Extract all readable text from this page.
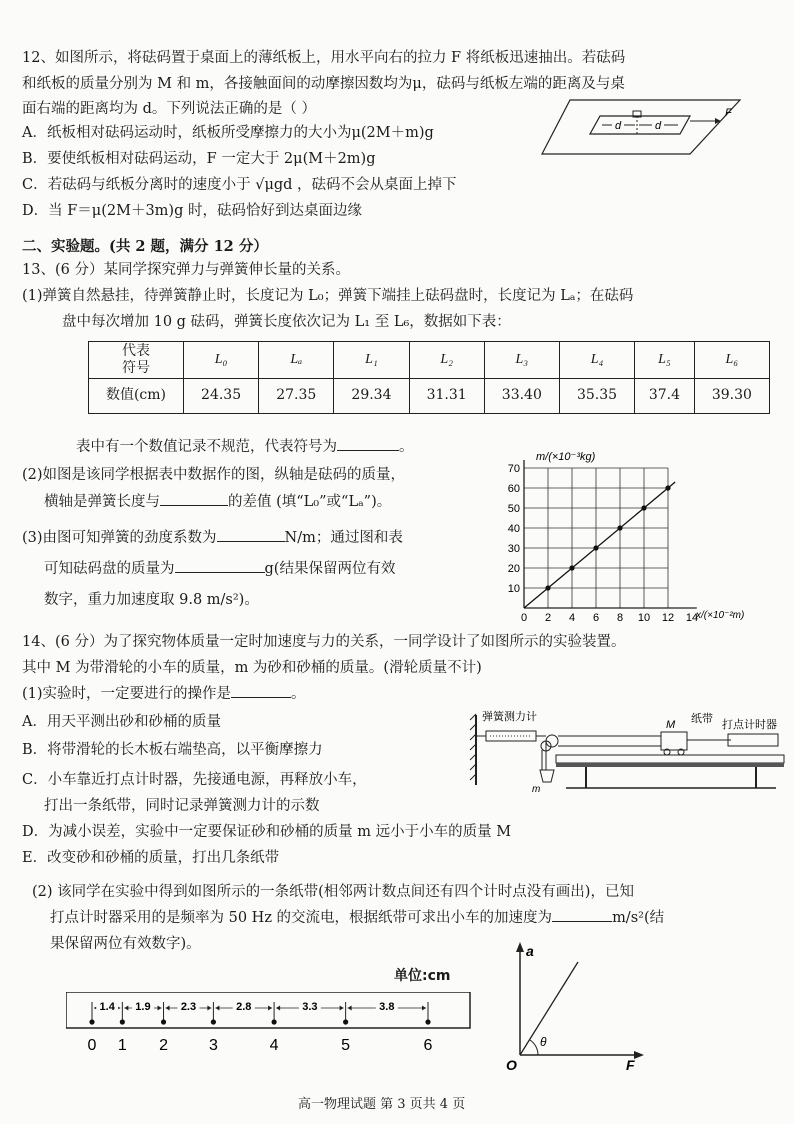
12、如图所示，将砝码置于桌面上的薄纸板上，用水平向右的拉力 F 将纸板迅速抽出。若砝码
和纸板的质量分别为 M 和 m，各接触面间的动摩擦因数均为μ，砝码与纸板左端的距离及与桌
面右端的距离均为 d。下列说法正确的是（ ）
A．纸板相对砝码运动时，纸板所受摩擦力的大小为μ(2M＋m)g
B．要使纸板相对砝码运动，F 一定大于 2μ(M＋2m)g
C．若砝码与纸板分离时的速度小于 √μgd ，砝码不会从桌面上掉下
D．当 F＝μ(2M＋3m)g 时，砝码恰好到达桌面边缘
d	d
F
二、实验题。(共 2 题，满分 12 分）
13、(6 分）某同学探究弹力与弹簧伸长量的关系。
(1)弹簧自然悬挂，待弹簧静止时，长度记为 L₀；弹簧下端挂上砝码盘时，长度记为 Lₐ；在砝码
盘中每次增加 10 g 砝码，弹簧长度依次记为 L₁ 至 L₆，数据如下表：
代表
符号	L₀	Lₐ	L₁	L₂	L₃	L₄	L₅	L₆
数值(cm)	24.35	27.35	29.34	31.31	33.40	35.35	37.4	39.30
表中有一个数值记录不规范，代表符号为	。
(2)如图是该同学根据表中数据作的图，纵轴是砝码的质量，
横轴是弹簧长度与	的差值 (填“L₀”或“Lₐ”)。
(3)由图可知弹簧的劲度系数为	N/m；通过图和表
可知砝码盘的质量为	g(结果保留两位有效
数字，重力加速度取 9.8 m/s²)。
0 2 4 6 8 10 12 14
10
20
30
40
50
60
70
m/(×10⁻³kg)
x/(×10⁻²m)
14、(6 分）为了探究物体质量一定时加速度与力的关系，一同学设计了如图所示的实验装置。
其中 M 为带滑轮的小车的质量，m 为砂和砂桶的质量。(滑轮质量不计)
(1)实验时，一定要进行的操作是	。
A．用天平测出砂和砂桶的质量
B．将带滑轮的长木板右端垫高，以平衡摩擦力
C．小车靠近打点计时器，先接通电源，再释放小车，
打出一条纸带，同时记录弹簧测力计的示数
D．为减小误差，实验中一定要保证砂和砂桶的质量 m 远小于小车的质量 M
E．改变砂和砂桶的质量，打出几条纸带
弹簧测力计
m
M 纸带 打点计时器
(2) 该同学在实验中得到如图所示的一条纸带(相邻两计数点间还有四个计时点没有画出)，已知
打点计时器采用的是频率为 50 Hz 的交流电，根据纸带可求出小车的加速度为	m/s²(结
果保留两位有效数字)。
单位:cm
0 1 2	3	4	5	6
1.4 1.9	2.3	2.8	3.3	3.8
a
F
O
θ
高一物理试题 第 3 页共 4 页
